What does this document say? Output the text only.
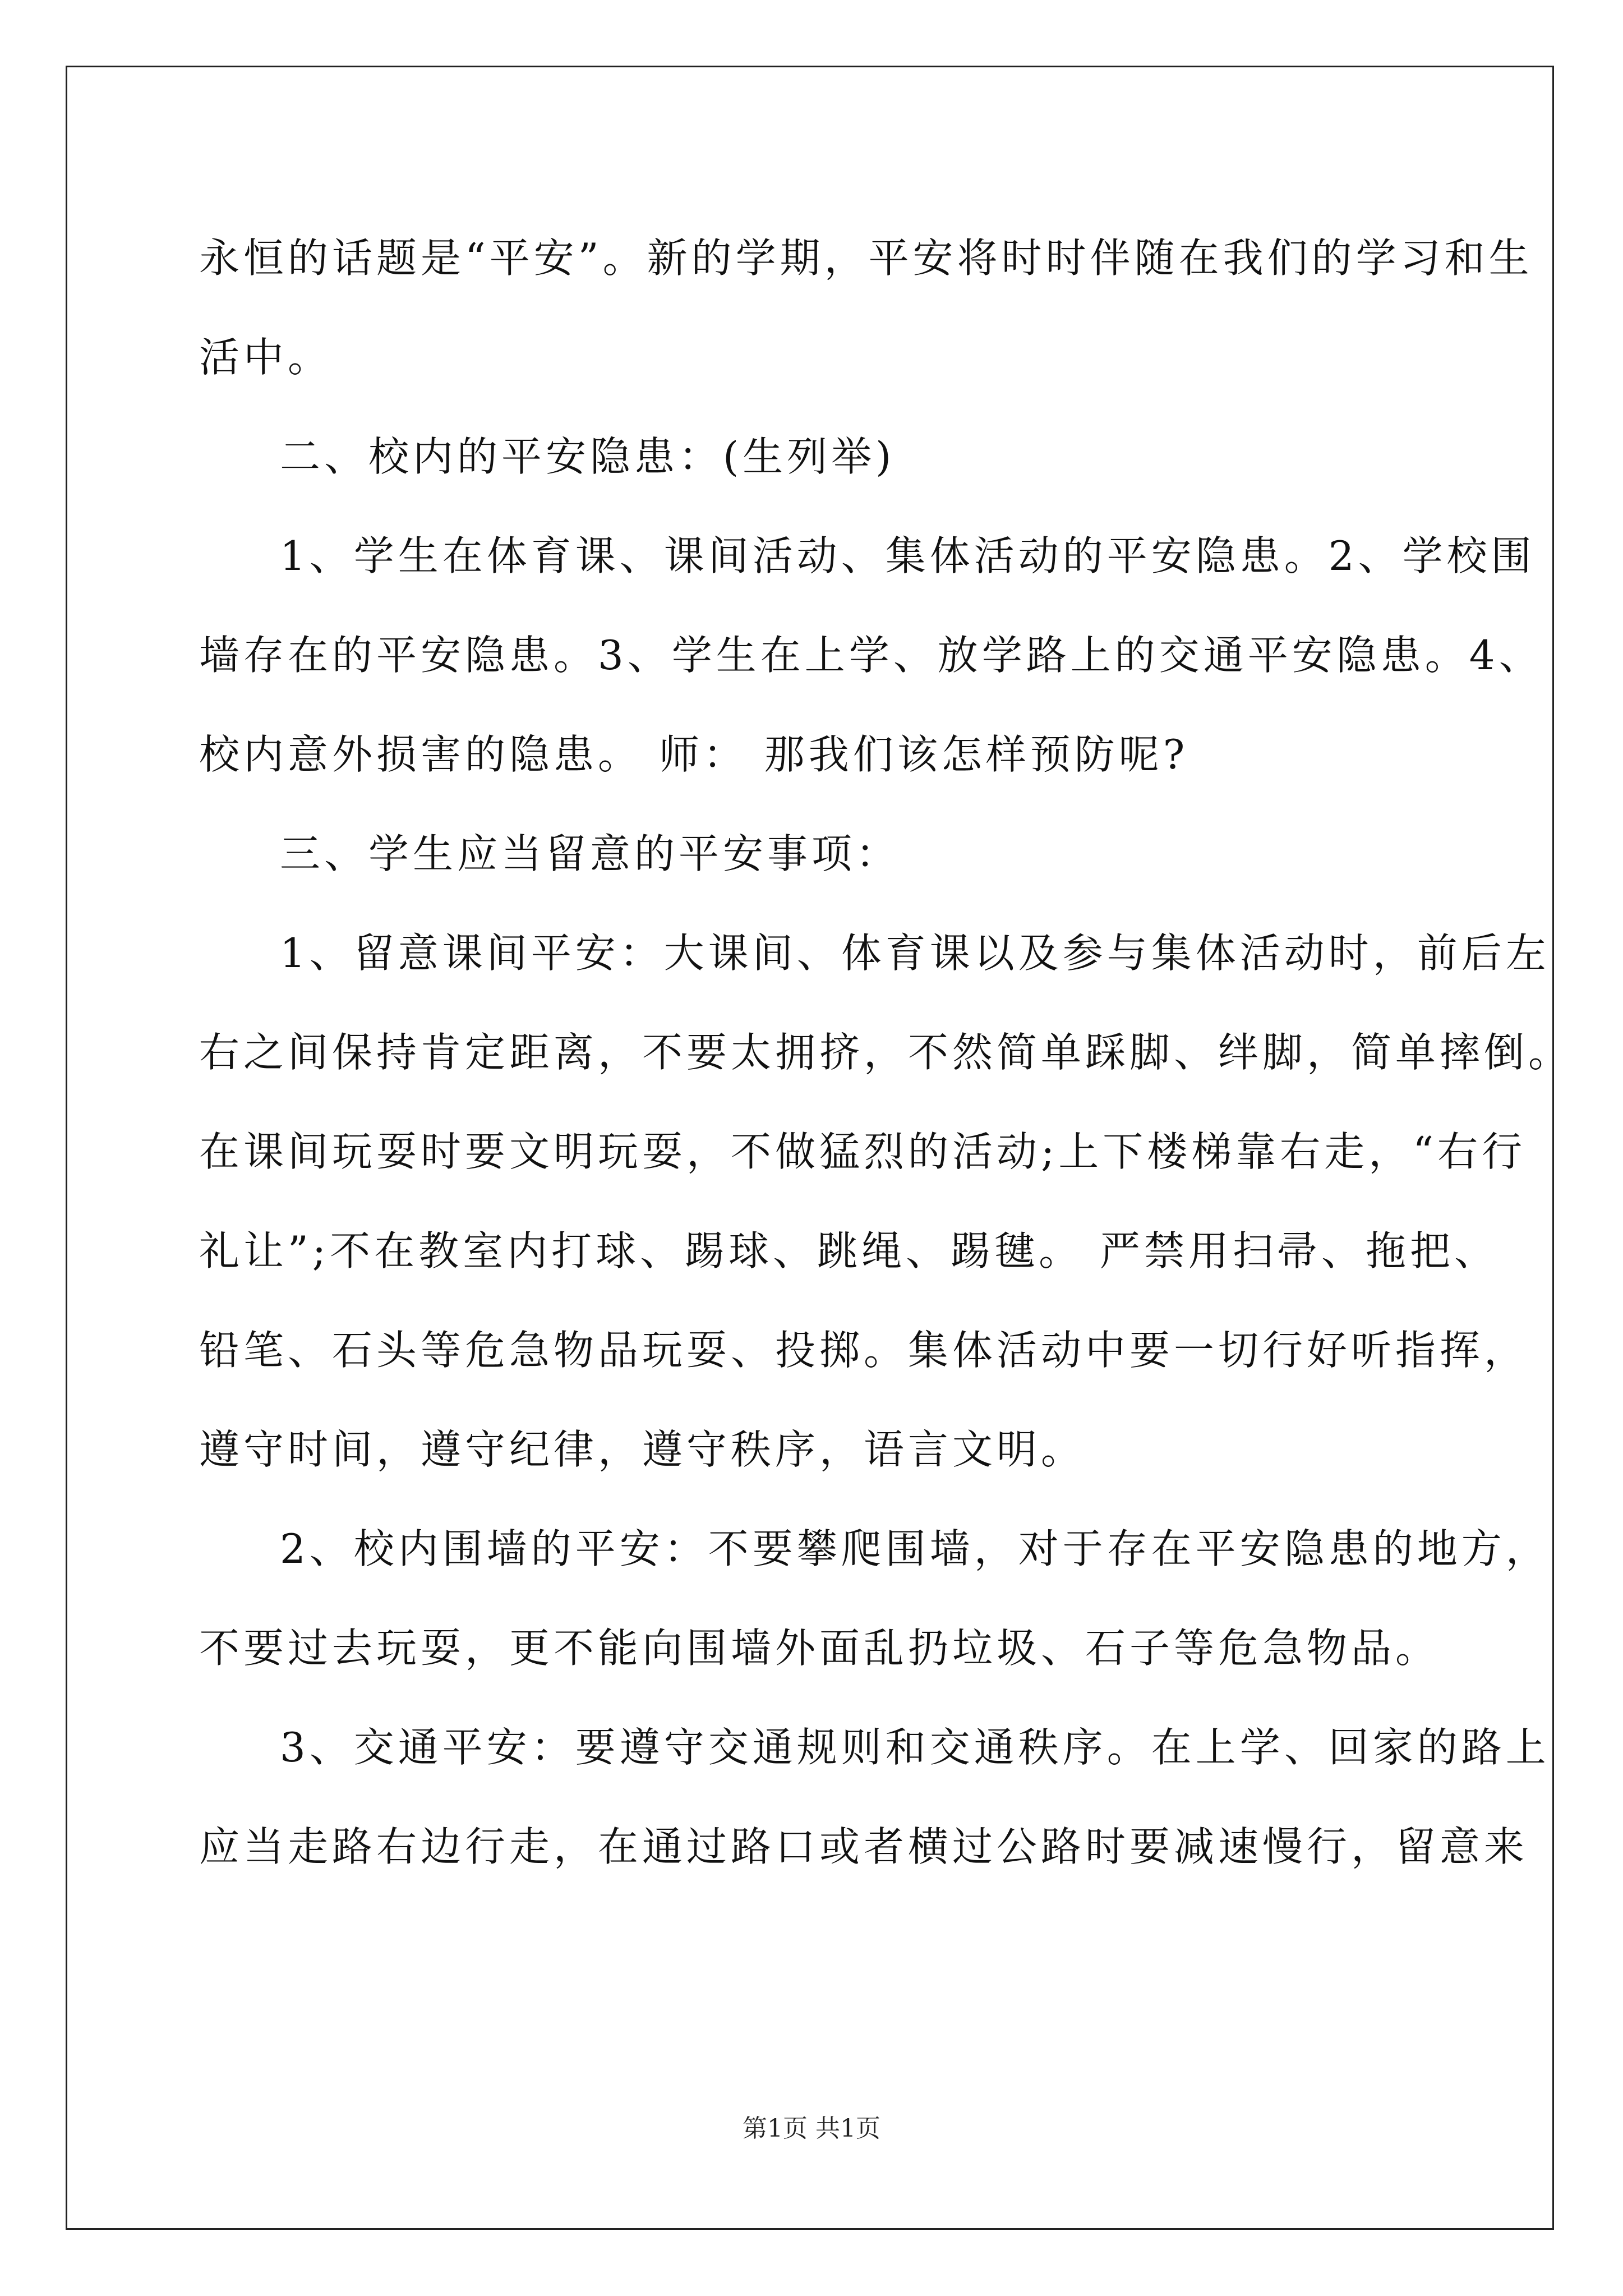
永恒的话题是“平安”。新的学期，平安将时时伴随在我们的学习和生
活中。
二、校内的平安隐患：(生列举)
1、学生在体育课、课间活动、集体活动的平安隐患。2、学校围
墙存在的平安隐患。3、学生在上学、放学路上的交通平安隐患。4、
校内意外损害的隐患。 师： 那我们该怎样预防呢?
三、学生应当留意的平安事项：
1、留意课间平安：大课间、体育课以及参与集体活动时，前后左
右之间保持肯定距离，不要太拥挤，不然简单踩脚、绊脚，简单摔倒。
在课间玩耍时要文明玩耍，不做猛烈的活动;上下楼梯靠右走，“右行
礼让”;不在教室内打球、踢球、跳绳、踢毽。 严禁用扫帚、拖把、
铅笔、石头等危急物品玩耍、投掷。集体活动中要一切行好听指挥，
遵守时间，遵守纪律，遵守秩序，语言文明。
2、校内围墙的平安：不要攀爬围墙，对于存在平安隐患的地方，
不要过去玩耍，更不能向围墙外面乱扔垃圾、石子等危急物品。
3、交通平安：要遵守交通规则和交通秩序。在上学、回家的路上
应当走路右边行走，在通过路口或者横过公路时要减速慢行，留意来
第1页 共1页
